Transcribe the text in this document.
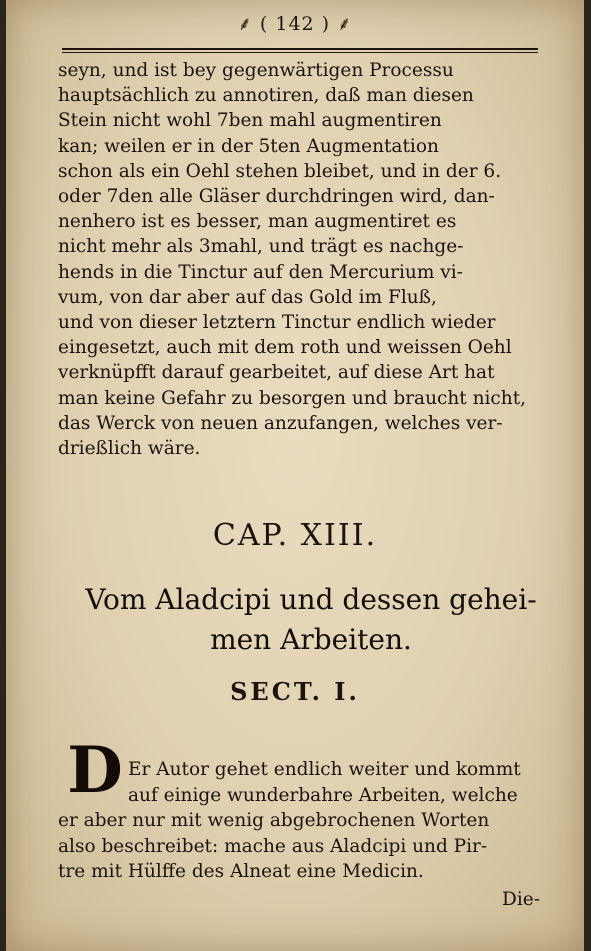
⸙ ( 142 ) ⸙
seyn, und ist bey gegenwärtigen Processu
hauptsächlich zu annotiren, daß man diesen
Stein nicht wohl 7ben mahl augmentiren
kan; weilen er in der 5ten Augmentation
schon als ein Oehl stehen bleibet, und in der 6.
oder 7den alle Gläser durchdringen wird, dan-
nenhero ist es besser, man augmentiret es
nicht mehr als 3mahl, und trägt es nachge-
hends in die Tinctur auf den Mercurium vi-
vum, von dar aber auf das Gold im Fluß,
und von dieser letztern Tinctur endlich wieder
eingesetzt, auch mit dem roth und weissen Oehl
verknüpfft darauf gearbeitet, auf diese Art hat
man keine Gefahr zu besorgen und braucht nicht,
das Werck von neuen anzufangen, welches ver-
drießlich wäre.
CAP. XIII.
Vom Aladcipi und dessen gehei-
men Arbeiten.
SECT. I.
D Er Autor gehet endlich weiter und kommt
auf einige wunderbahre Arbeiten, welche
er aber nur mit wenig abgebrochenen Worten
also beschreibet: mache aus Aladcipi und Pir-
tre mit Hülffe des Alneat eine Medicin.
Die-
